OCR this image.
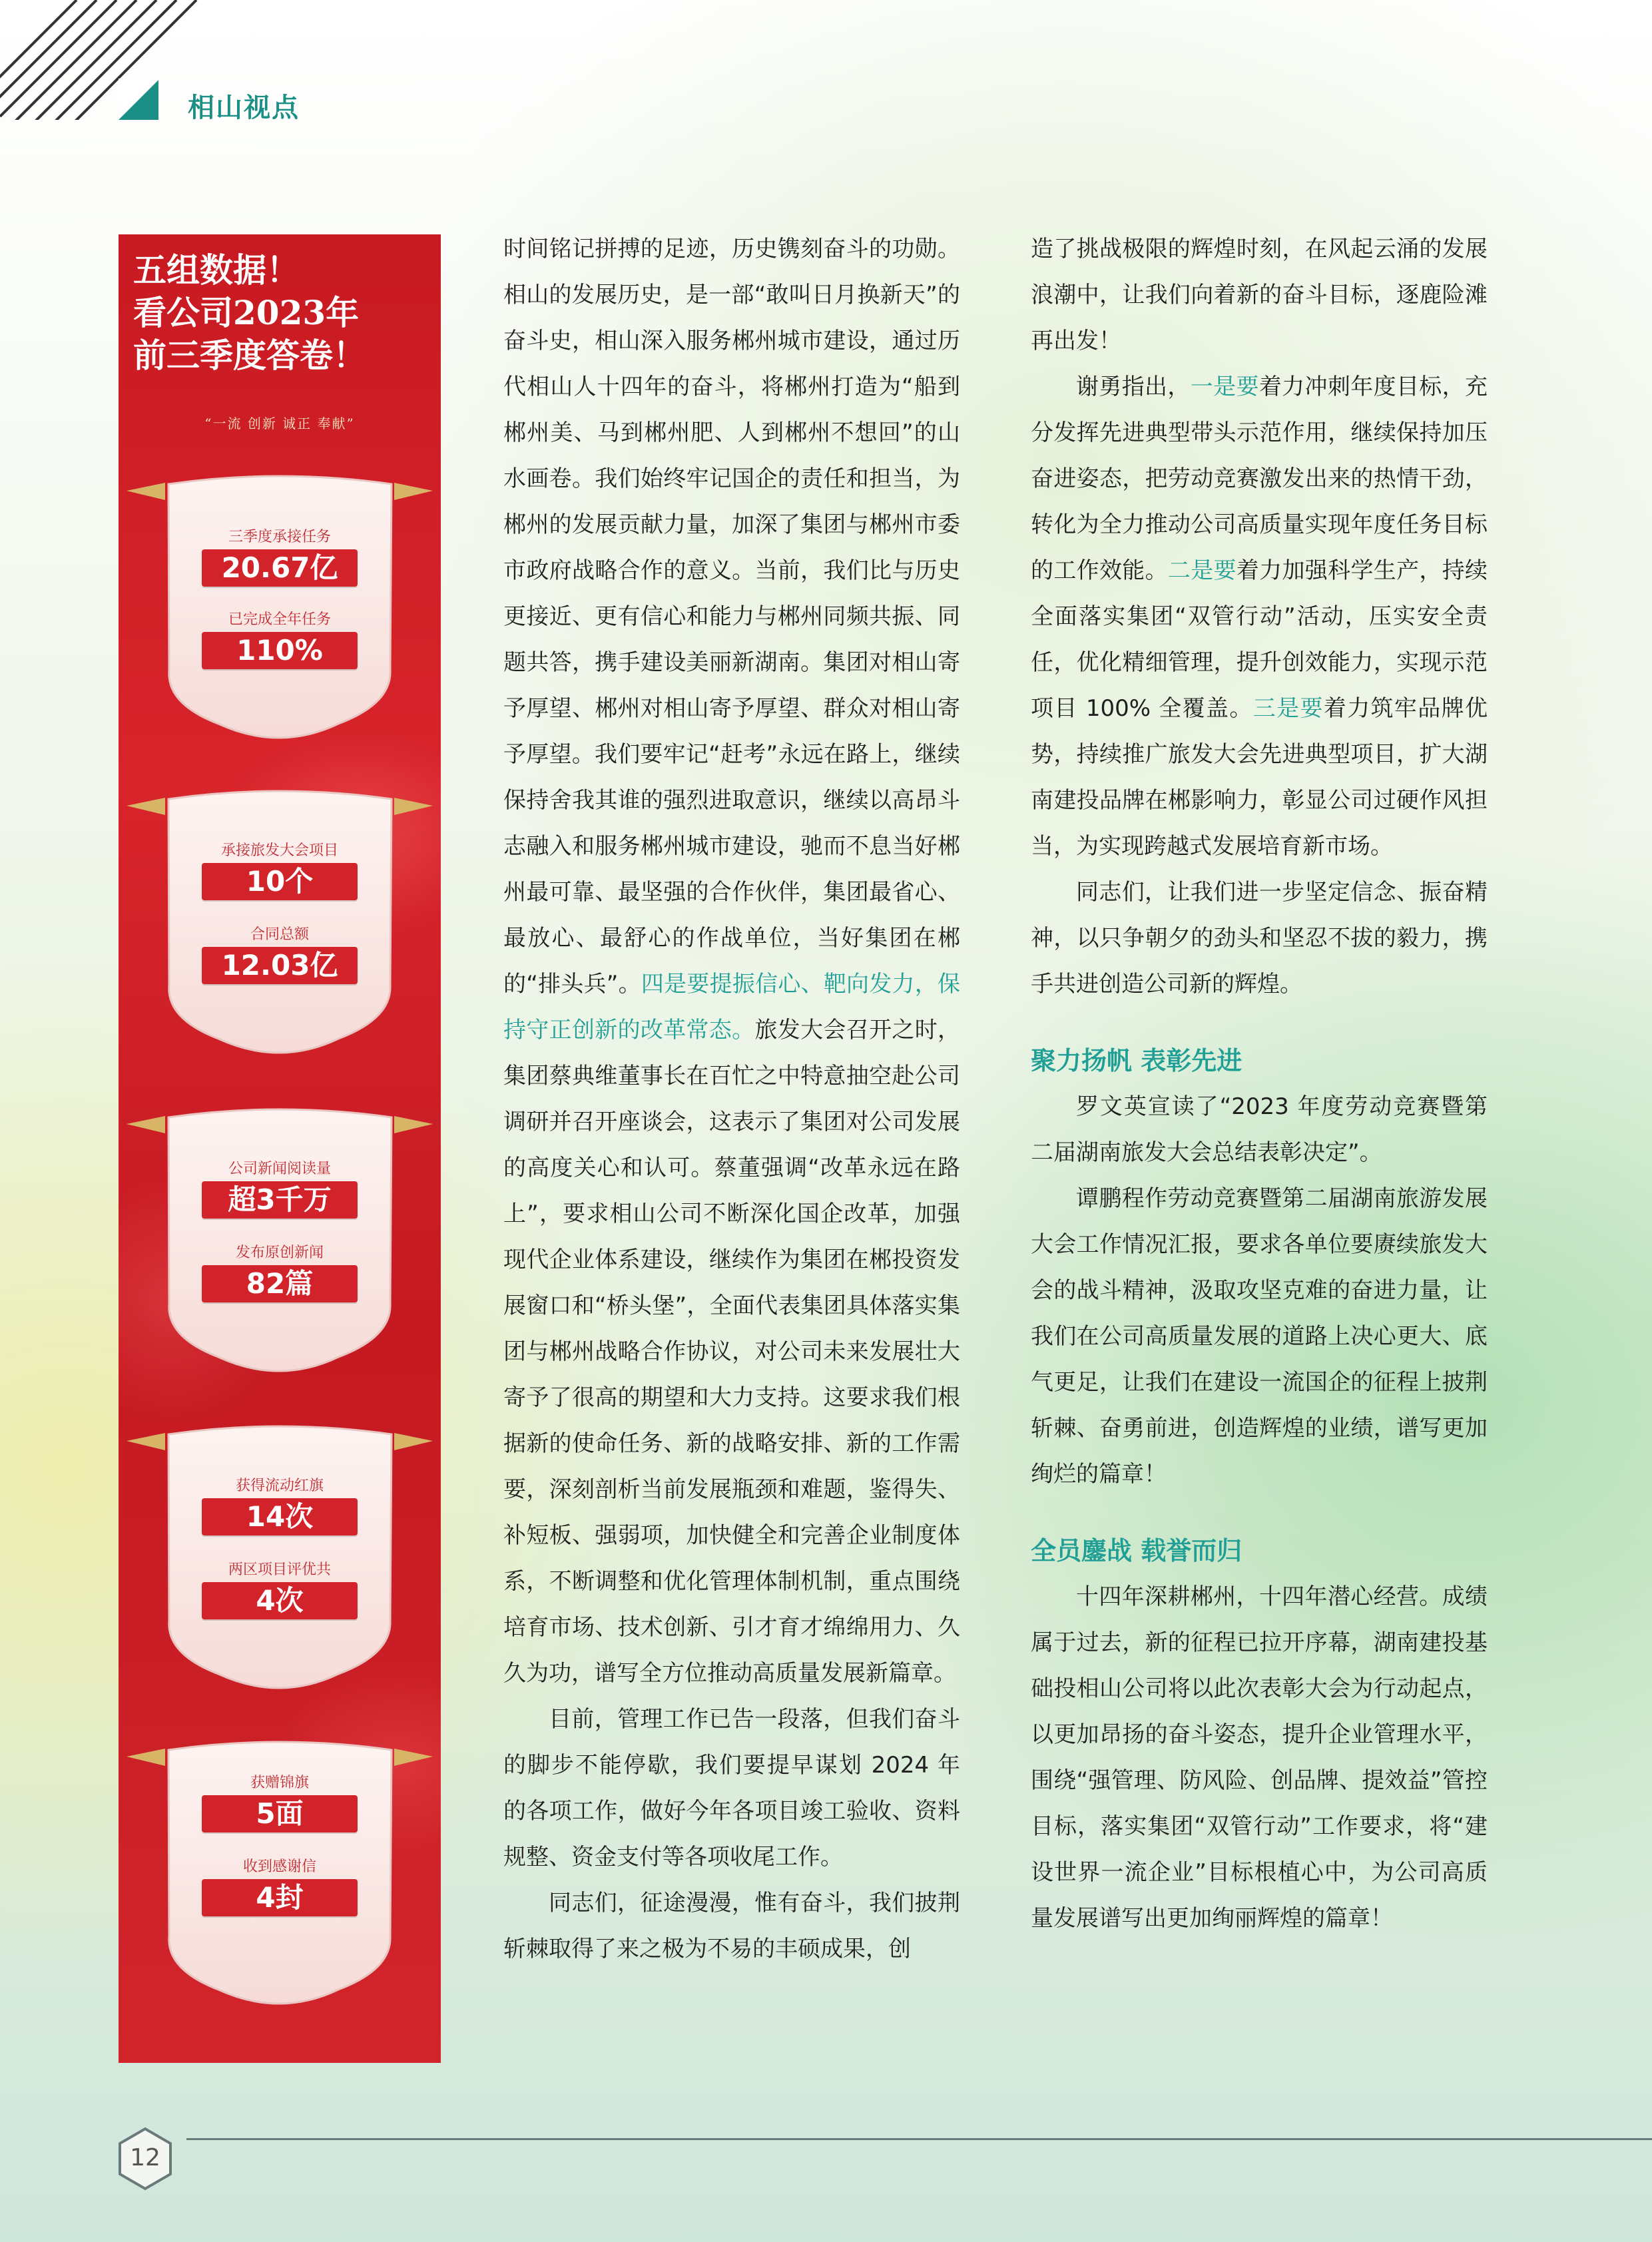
相山视点
五组数据！
看公司2023年
前三季度答卷！
“一流 创新 诚正 奉献”
三季度承接任务
20.67亿
已完成全年任务
110%
承接旅发大会项目
10个
合同总额
12.03亿
公司新闻阅读量
超3千万
发布原创新闻
82篇
获得流动红旗
14次
两区项目评优共
4次
获赠锦旗
5面
收到感谢信
4封

时间铭记拼搏的足迹，历史镌刻奋斗的功勋。相山的发展历史，是一部“敢叫日月换新天”的奋斗史，相山深入服务郴州城市建设，通过历代相山人十四年的奋斗，将郴州打造为“船到郴州美、马到郴州肥、人到郴州不想回”的山水画卷。我们始终牢记国企的责任和担当，为郴州的发展贡献力量，加深了集团与郴州市委市政府战略合作的意义。当前，我们比与历史更接近、更有信心和能力与郴州同频共振、同题共答，携手建设美丽新湖南。集团对相山寄予厚望、郴州对相山寄予厚望、群众对相山寄予厚望。我们要牢记“赶考”永远在路上，继续保持舍我其谁的强烈进取意识，继续以高昂斗志融入和服务郴州城市建设，驰而不息当好郴州最可靠、最坚强的合作伙伴，集团最省心、最放心、最舒心的作战单位，当好集团在郴的“排头兵”。四是要提振信心、靶向发力，保持守正创新的改革常态。旅发大会召开之时，集团蔡典维董事长在百忙之中特意抽空赴公司调研并召开座谈会，这表示了集团对公司发展的高度关心和认可。蔡董强调“改革永远在路上”，要求相山公司不断深化国企改革，加强现代企业体系建设，继续作为集团在郴投资发展窗口和“桥头堡”，全面代表集团具体落实集团与郴州战略合作协议，对公司未来发展壮大寄予了很高的期望和大力支持。这要求我们根据新的使命任务、新的战略安排、新的工作需要，深刻剖析当前发展瓶颈和难题，鉴得失、补短板、强弱项，加快健全和完善企业制度体系，不断调整和优化管理体制机制，重点围绕培育市场、技术创新、引才育才绵绵用力、久久为功，谱写全方位推动高质量发展新篇章。

目前，管理工作已告一段落，但我们奋斗的脚步不能停歇，我们要提早谋划 2024 年的各项工作，做好今年各项目竣工验收、资料规整、资金支付等各项收尾工作。

同志们，征途漫漫，惟有奋斗，我们披荆斩棘取得了来之极为不易的丰硕成果，创

造了挑战极限的辉煌时刻，在风起云涌的发展浪潮中，让我们向着新的奋斗目标，逐鹿险滩再出发！

谢勇指出，一是要着力冲刺年度目标，充分发挥先进典型带头示范作用，继续保持加压奋进姿态，把劳动竞赛激发出来的热情干劲，转化为全力推动公司高质量实现年度任务目标的工作效能。二是要着力加强科学生产，持续全面落实集团“双管行动”活动，压实安全责任，优化精细管理，提升创效能力，实现示范项目 100% 全覆盖。三是要着力筑牢品牌优势，持续推广旅发大会先进典型项目，扩大湖南建投品牌在郴影响力，彰显公司过硬作风担当，为实现跨越式发展培育新市场。

同志们，让我们进一步坚定信念、振奋精神，以只争朝夕的劲头和坚忍不拔的毅力，携手共进创造公司新的辉煌。

聚力扬帆 表彰先进

罗文英宣读了“2023 年度劳动竞赛暨第二届湖南旅发大会总结表彰决定”。

谭鹏程作劳动竞赛暨第二届湖南旅游发展大会工作情况汇报，要求各单位要赓续旅发大会的战斗精神，汲取攻坚克难的奋进力量，让我们在公司高质量发展的道路上决心更大、底气更足，让我们在建设一流国企的征程上披荆斩棘、奋勇前进，创造辉煌的业绩，谱写更加绚烂的篇章！

全员鏖战 载誉而归

十四年深耕郴州，十四年潜心经营。成绩属于过去，新的征程已拉开序幕，湖南建投基础投相山公司将以此次表彰大会为行动起点，以更加昂扬的奋斗姿态，提升企业管理水平，围绕“强管理、防风险、创品牌、提效益”管控目标，落实集团“双管行动”工作要求，将“建设世界一流企业”目标根植心中，为公司高质量发展谱写出更加绚丽辉煌的篇章！

12
